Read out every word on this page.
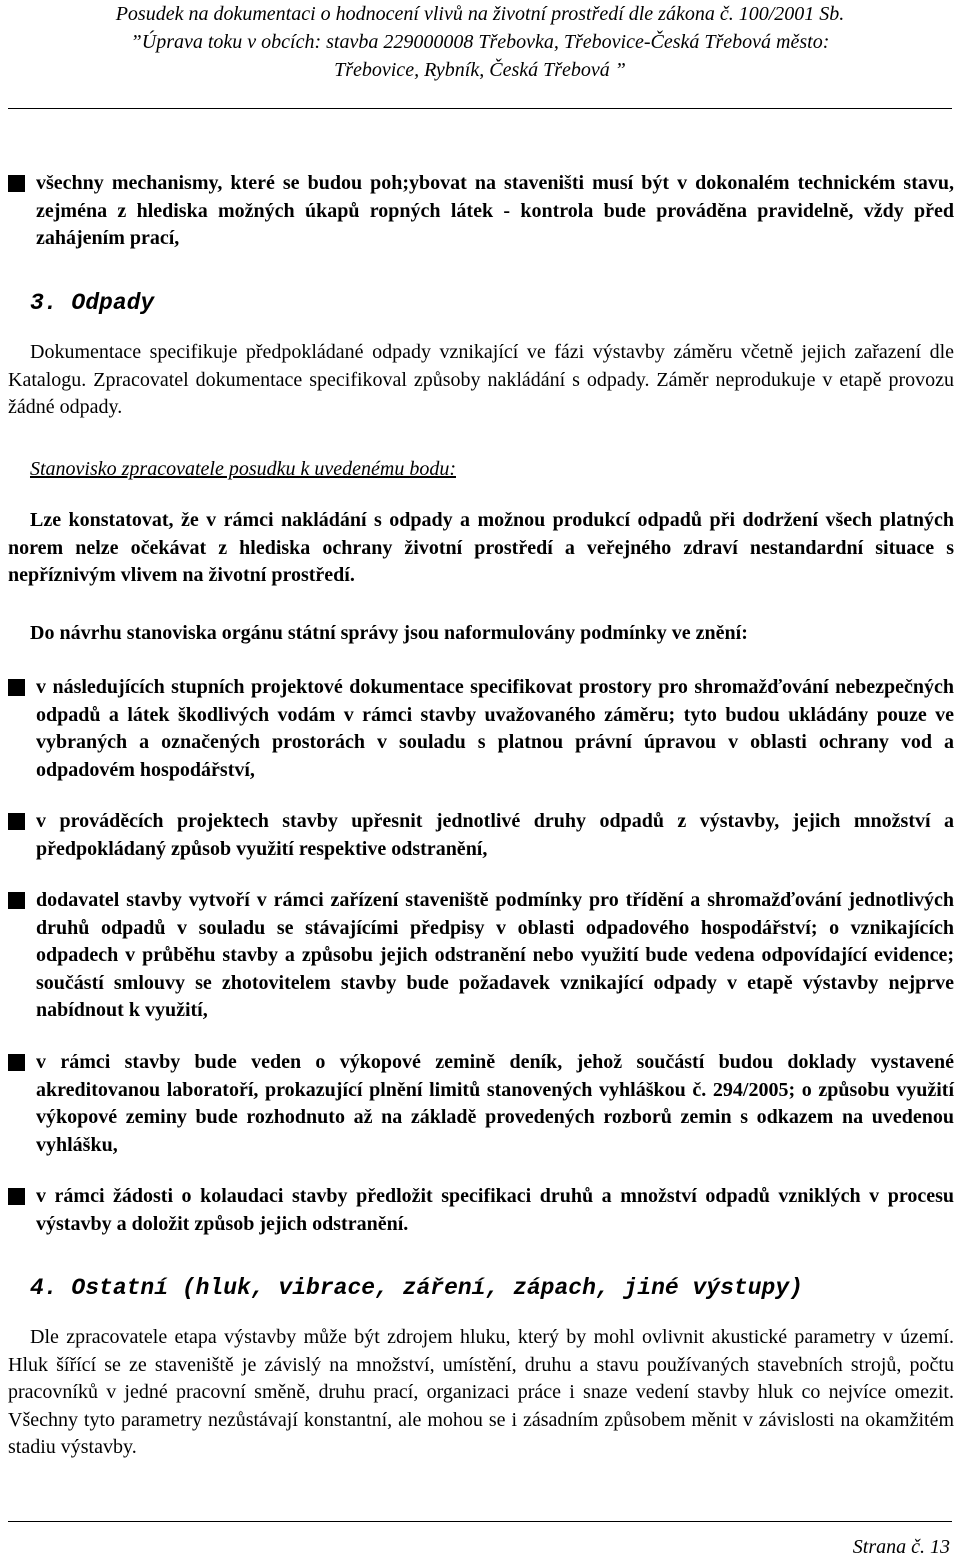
Posudek na dokumentaci o hodnocení vlivů na životní prostředí dle zákona č. 100/2001 Sb.
”Úprava toku v obcích: stavba 229000008 Třebovka, Třebovice-Česká Třebová město:
Třebovice, Rybník, Česká Třebová ”
všechny mechanismy, které se budou poh;ybovat na staveništi musí být v dokonalém technickém stavu, zejména z hlediska možných úkapů ropných látek - kontrola bude prováděna pravidelně, vždy před zahájením prací,
3. Odpady
Dokumentace specifikuje předpokládané odpady vznikající ve fázi výstavby záměru včetně jejich zařazení dle Katalogu. Zpracovatel dokumentace specifikoval způsoby nakládání s odpady. Záměr neprodukuje v etapě provozu žádné odpady.
Stanovisko zpracovatele posudku k uvedenému bodu:
Lze konstatovat, že v rámci nakládání s odpady a možnou produkcí odpadů při dodržení všech platných norem nelze očekávat z hlediska ochrany životní prostředí a veřejného zdraví nestandardní situace s nepříznivým vlivem na životní prostředí.
Do návrhu stanoviska orgánu státní správy jsou naformulovány podmínky ve znění:
v následujících stupních projektové dokumentace specifikovat prostory pro shromažďování nebezpečných odpadů a látek škodlivých vodám v rámci stavby uvažovaného záměru; tyto budou ukládány pouze ve vybraných a označených prostorách v souladu s platnou právní úpravou v oblasti ochrany vod a odpadovém hospodářství,
v prováděcích projektech stavby upřesnit jednotlivé druhy odpadů z výstavby, jejich množství a předpokládaný způsob využití respektive odstranění,
dodavatel stavby vytvoří v rámci zařízení staveniště podmínky pro třídění a shromažďování jednotlivých druhů odpadů v souladu se stávajícími předpisy v oblasti odpadového hospodářství; o vznikajících odpadech v průběhu stavby a způsobu jejich odstranění nebo využití bude vedena odpovídající evidence; součástí smlouvy se zhotovitelem stavby bude požadavek vznikající odpady v etapě výstavby nejprve nabídnout k využití,
v rámci stavby bude veden o výkopové zemině deník, jehož součástí budou doklady vystavené akreditovanou laboratoří, prokazující plnění limitů stanovených vyhláškou č. 294/2005; o způsobu využití výkopové zeminy bude rozhodnuto až na základě provedených rozborů zemin s odkazem na uvedenou vyhlášku,
v rámci žádosti o kolaudaci stavby předložit specifikaci druhů a množství odpadů vzniklých v procesu výstavby a doložit způsob jejich odstranění.
4. Ostatní (hluk, vibrace, záření, zápach, jiné výstupy)
Dle zpracovatele etapa výstavby může být zdrojem hluku, který by mohl ovlivnit akustické parametry v území. Hluk šířící se ze staveniště je závislý na množství, umístění, druhu a stavu používaných stavebních strojů, počtu pracovníků v jedné pracovní směně, druhu prací, organizaci práce i snaze vedení stavby hluk co nejvíce omezit. Všechny tyto parametry nezůstávají konstantní, ale mohou se i zásadním způsobem měnit v závislosti na okamžitém stadiu výstavby.
Strana č. 13
